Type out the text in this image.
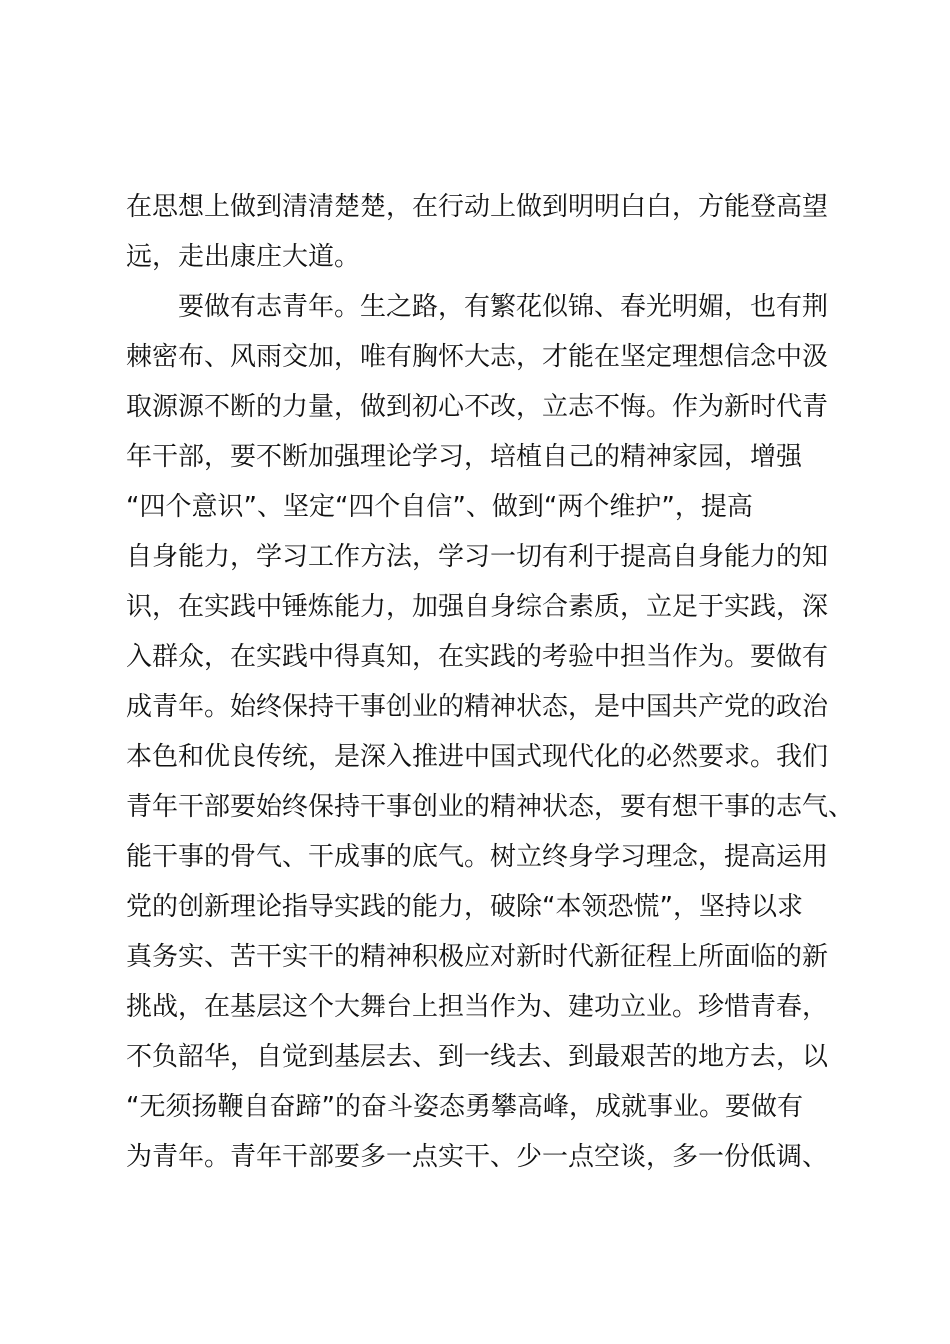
在思想上做到清清楚楚，在行动上做到明明白白，方能登高望
远，走出康庄大道。
　　要做有志青年。生之路，有繁花似锦、春光明媚，也有荆
棘密布、风雨交加，唯有胸怀大志，才能在坚定理想信念中汲
取源源不断的力量，做到初心不改，立志不悔。作为新时代青
年干部，要不断加强理论学习，培植自己的精神家园，增强
“四个意识”、坚定“四个自信”、做到“两个维护”，提高
自身能力，学习工作方法，学习一切有利于提高自身能力的知
识，在实践中锤炼能力，加强自身综合素质，立足于实践，深
入群众，在实践中得真知，在实践的考验中担当作为。要做有
成青年。始终保持干事创业的精神状态，是中国共产党的政治
本色和优良传统，是深入推进中国式现代化的必然要求。我们
青年干部要始终保持干事创业的精神状态，要有想干事的志气、
能干事的骨气、干成事的底气。树立终身学习理念，提高运用
党的创新理论指导实践的能力，破除“本领恐慌”，坚持以求
真务实、苦干实干的精神积极应对新时代新征程上所面临的新
挑战，在基层这个大舞台上担当作为、建功立业。珍惜青春，
不负韶华，自觉到基层去、到一线去、到最艰苦的地方去，以
“无须扬鞭自奋蹄”的奋斗姿态勇攀高峰，成就事业。要做有
为青年。青年干部要多一点实干、少一点空谈，多一份低调、
